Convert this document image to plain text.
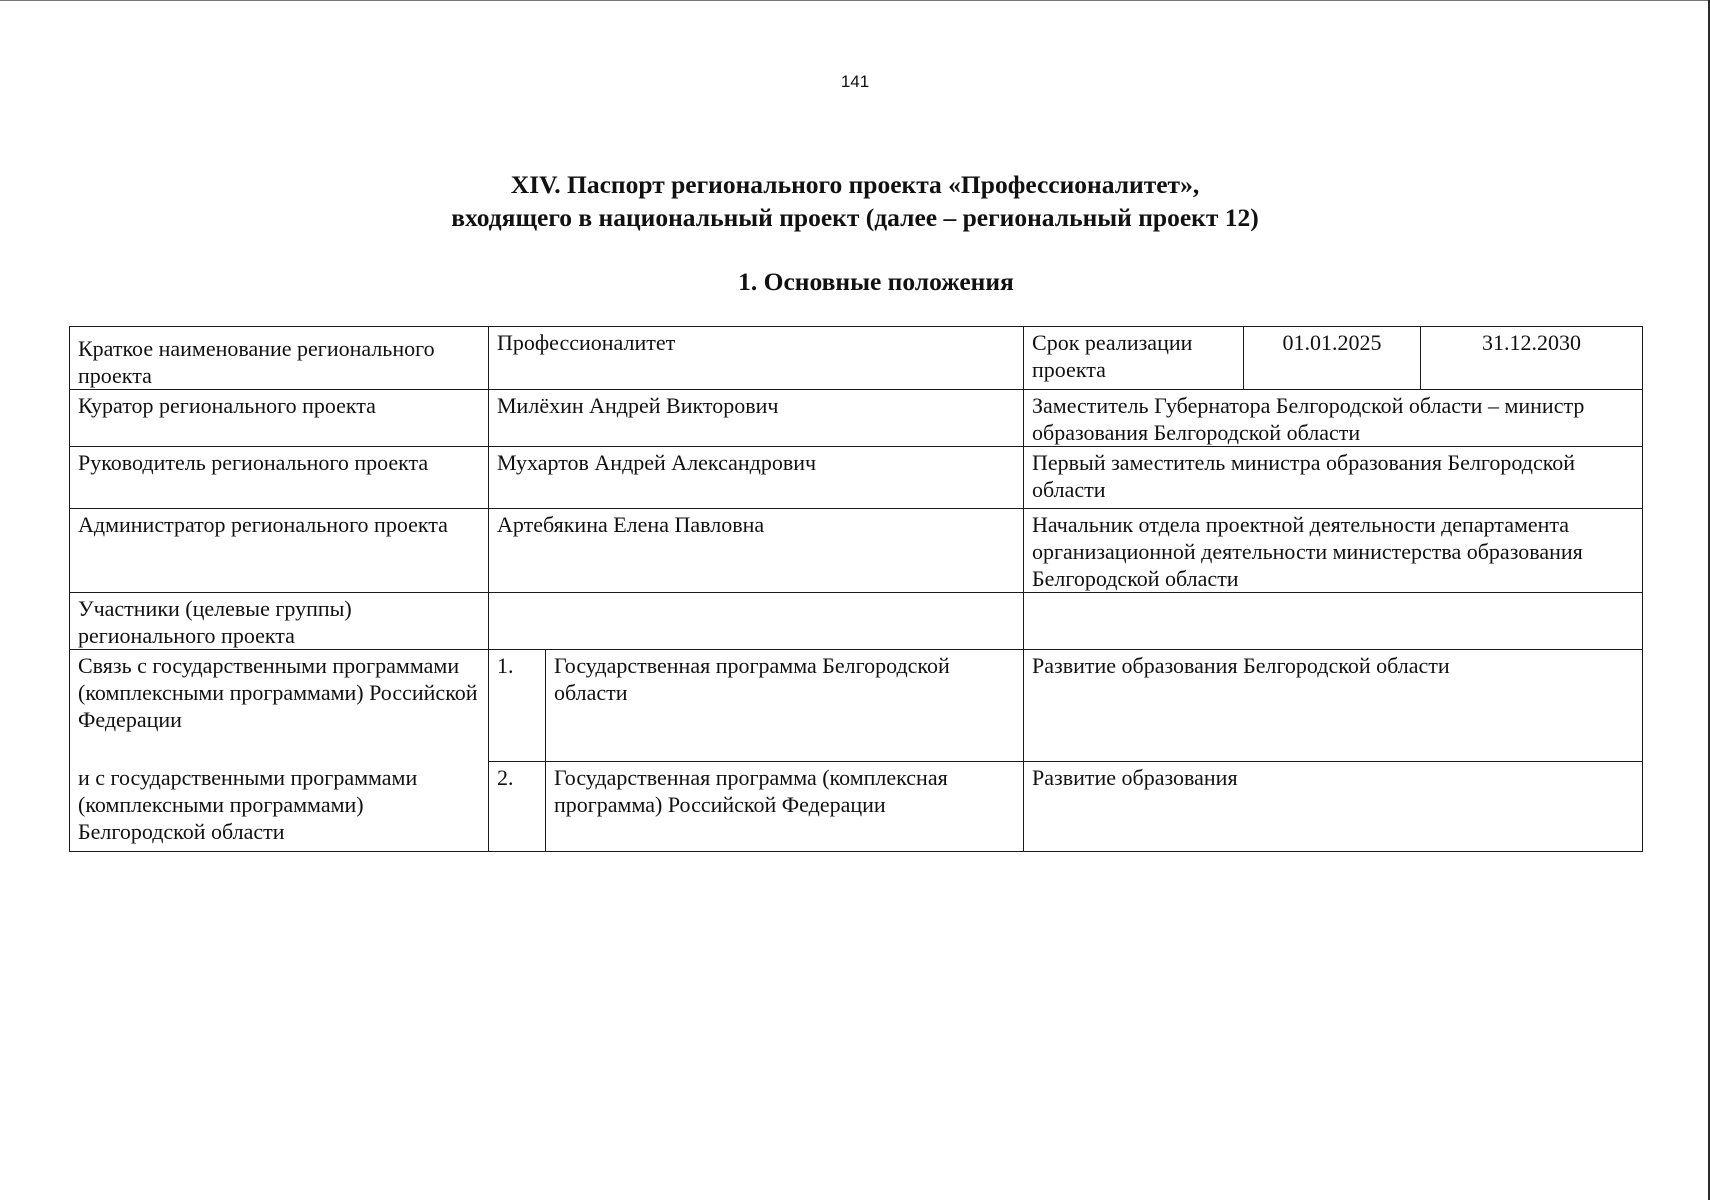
141
XIV. Паспорт регионального проекта «Профессионалитет»,
входящего в национальный проект (далее – региональный проект 12)
1. Основные положения
Краткое наименование регионального проекта	Профессионалитет		Срок реализации проекта	01.01.2025	31.12.2030
Куратор регионального проекта	Милёхин Андрей Викторович		Заместитель Губернатора Белгородской области – министр образования Белгородской области		
Руководитель регионального проекта	Мухартов Андрей Александрович		Первый заместитель министра образования Белгородской области		
Администратор регионального проекта	Артебякина Елена Павловна		Начальник отдела проектной деятельности департамента организационной деятельности министерства образования Белгородской области		
Участники (целевые группы) регионального проекта					
Связь с государственными программами (комплексными программами) Российской Федерации	1.	Государственная программа Белгородской области	Развитие образования Белгородской области		
и с государственными программами (комплексными программами) Белгородской области	2.	Государственная программа (комплексная программа) Российской Федерации	Развитие образования		
